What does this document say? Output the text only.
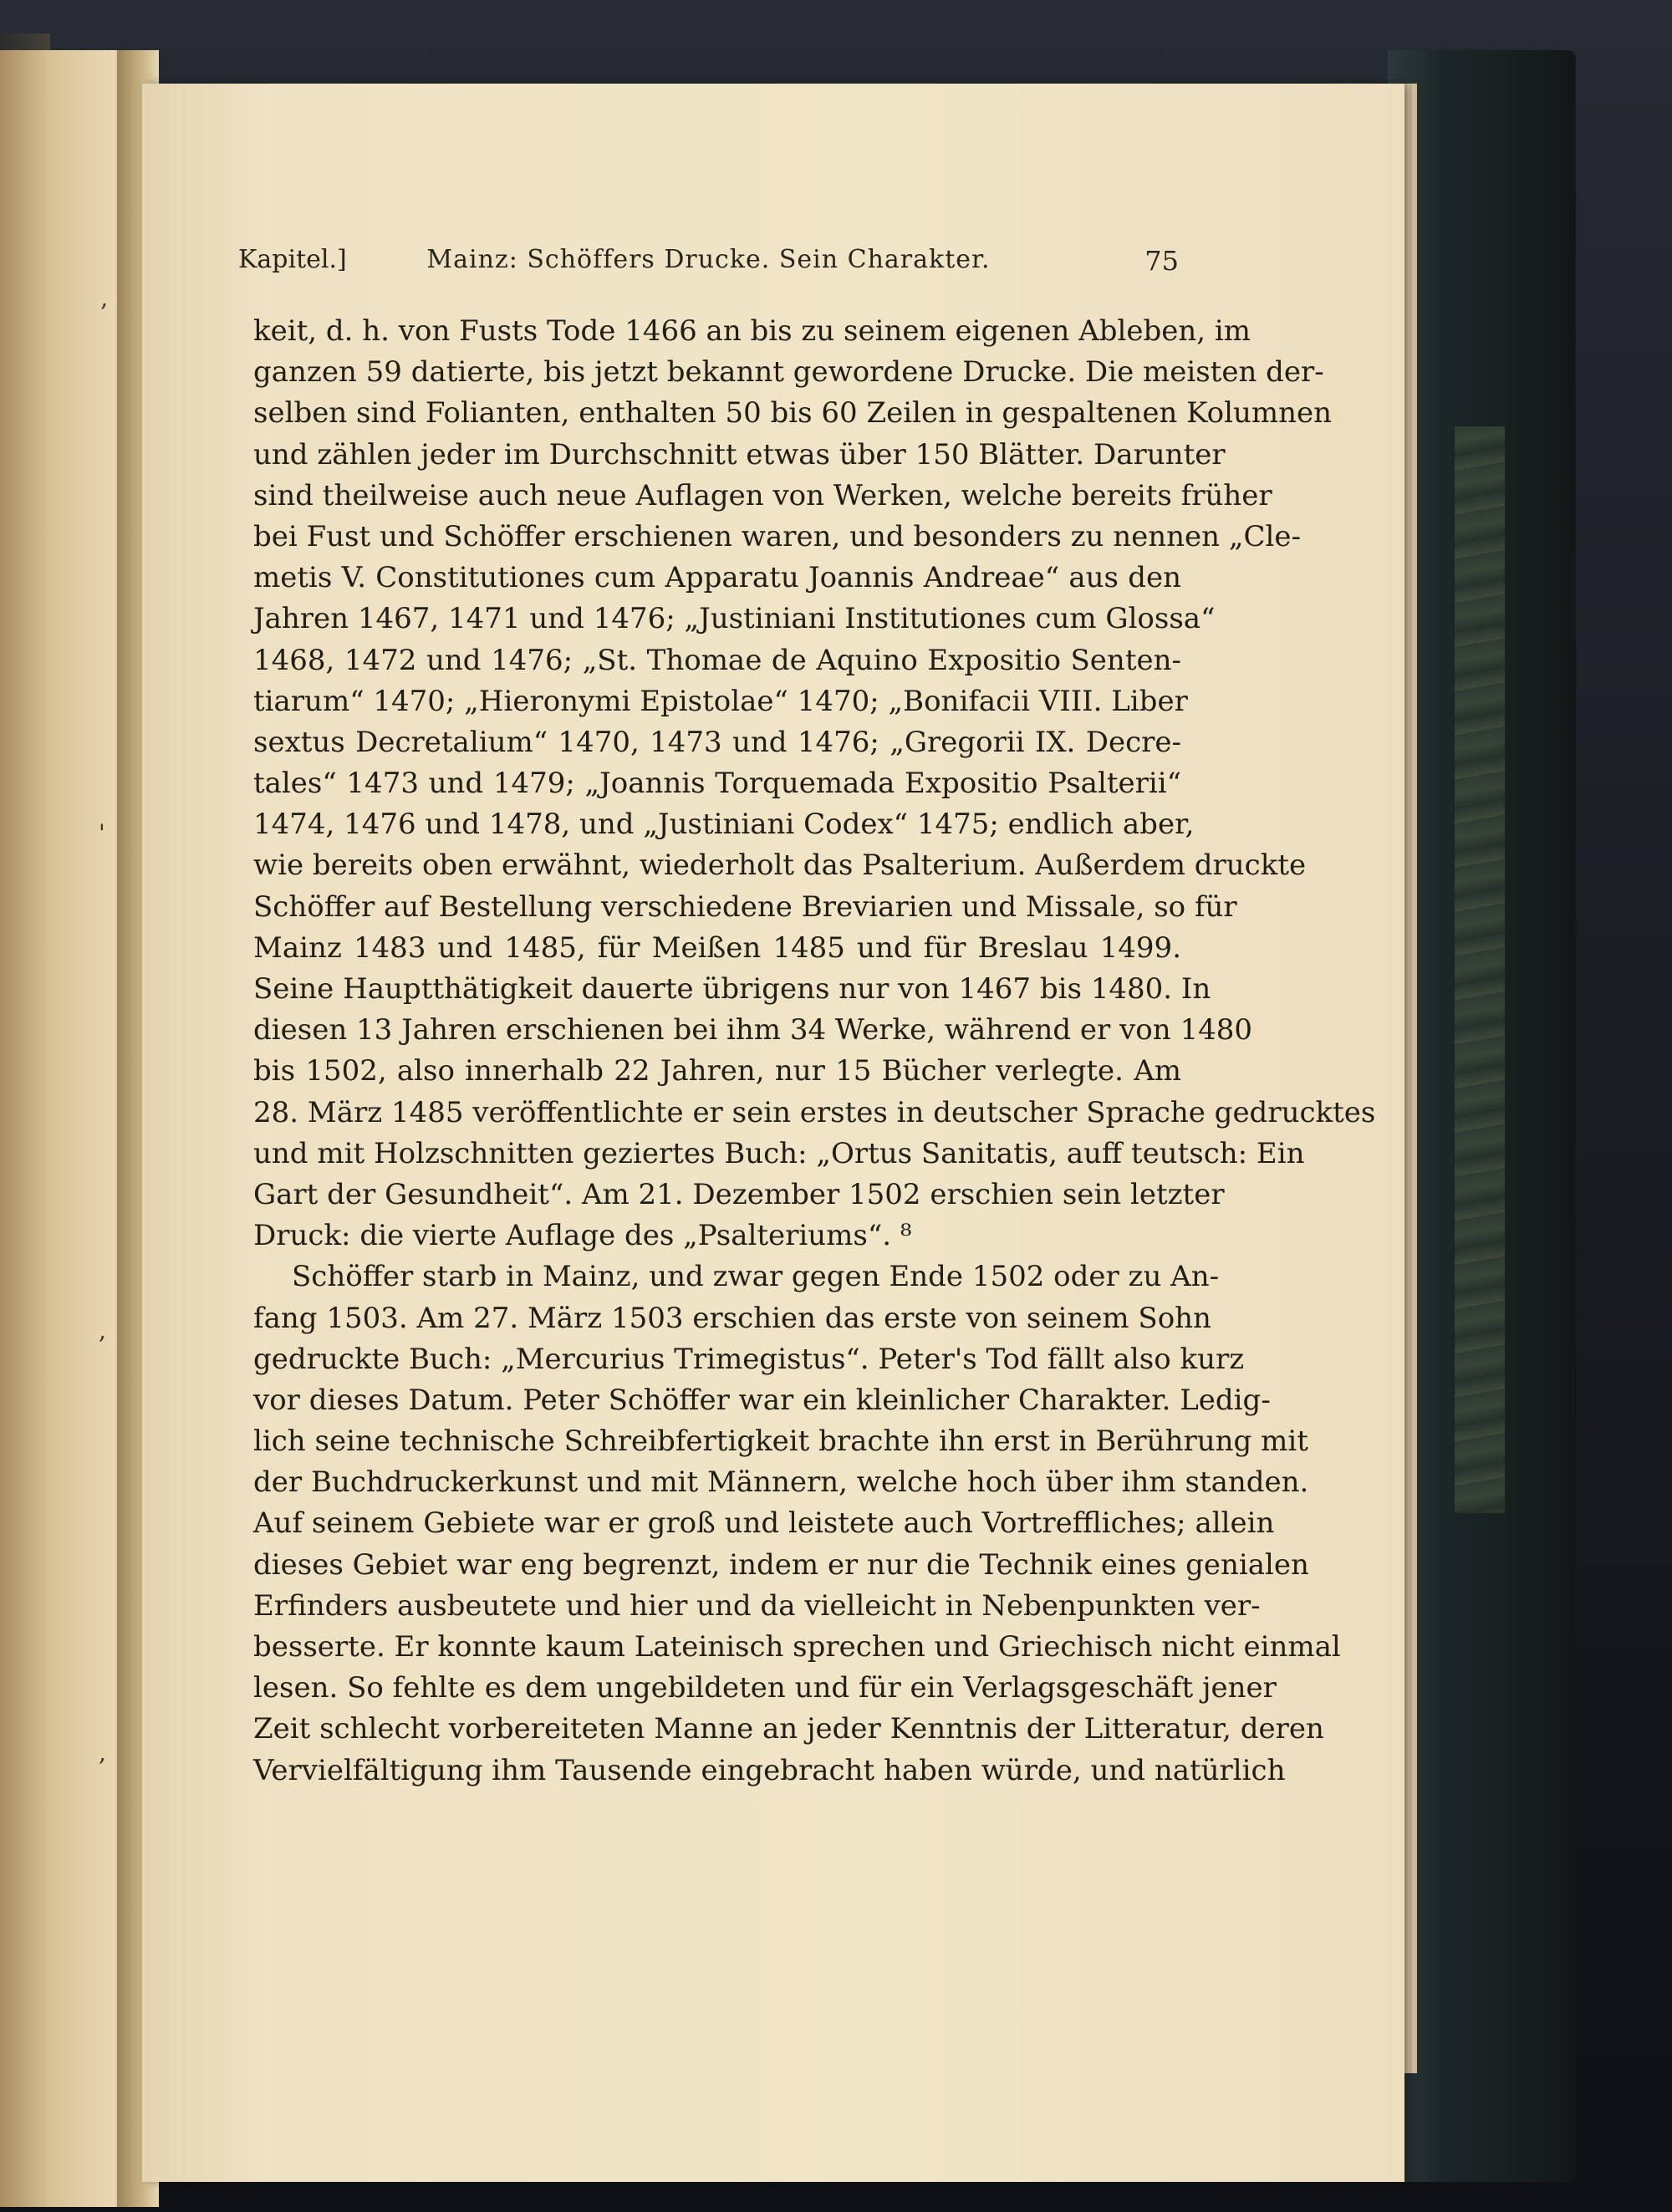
‚
'
,
,
Kapitel.]	Mainz: Schöffers Drucke. Sein Charakter.	75
keit, d. h. von Fusts Tode 1466 an bis zu seinem eigenen Ableben, im
ganzen 59 datierte, bis jetzt bekannt gewordene Drucke. Die meisten der-
selben sind Folianten, enthalten 50 bis 60 Zeilen in gespaltenen Kolumnen
und zählen jeder im Durchschnitt etwas über 150 Blätter. Darunter
sind theilweise auch neue Auflagen von Werken, welche bereits früher
bei Fust und Schöffer erschienen waren, und besonders zu nennen „Cle-
metis V. Constitutiones cum Apparatu Joannis Andreae“ aus den
Jahren 1467, 1471 und 1476; „Justiniani Institutiones cum Glossa“
1468, 1472 und 1476; „St. Thomae de Aquino Expositio Senten-
tiarum“ 1470; „Hieronymi Epistolae“ 1470; „Bonifacii VIII. Liber
sextus Decretalium“ 1470, 1473 und 1476; „Gregorii IX. Decre-
tales“ 1473 und 1479; „Joannis Torquemada Expositio Psalterii“
1474, 1476 und 1478, und „Justiniani Codex“ 1475; endlich aber,
wie bereits oben erwähnt, wiederholt das Psalterium. Außerdem druckte
Schöffer auf Bestellung verschiedene Breviarien und Missale, so für
Mainz 1483 und 1485, für Meißen 1485 und für Breslau 1499.
Seine Hauptthätigkeit dauerte übrigens nur von 1467 bis 1480. In
diesen 13 Jahren erschienen bei ihm 34 Werke, während er von 1480
bis 1502, also innerhalb 22 Jahren, nur 15 Bücher verlegte. Am
28. März 1485 veröffentlichte er sein erstes in deutscher Sprache gedrucktes
und mit Holzschnitten geziertes Buch: „Ortus Sanitatis, auff teutsch: Ein
Gart der Gesundheit“. Am 21. Dezember 1502 erschien sein letzter
Druck: die vierte Auflage des „Psalteriums“. ⁸
Schöffer starb in Mainz, und zwar gegen Ende 1502 oder zu An-
fang 1503. Am 27. März 1503 erschien das erste von seinem Sohn
gedruckte Buch: „Mercurius Trimegistus“. Peter's Tod fällt also kurz
vor dieses Datum. Peter Schöffer war ein kleinlicher Charakter. Ledig-
lich seine technische Schreibfertigkeit brachte ihn erst in Berührung mit
der Buchdruckerkunst und mit Männern, welche hoch über ihm standen.
Auf seinem Gebiete war er groß und leistete auch Vortreffliches; allein
dieses Gebiet war eng begrenzt, indem er nur die Technik eines genialen
Erfinders ausbeutete und hier und da vielleicht in Nebenpunkten ver-
besserte. Er konnte kaum Lateinisch sprechen und Griechisch nicht einmal
lesen. So fehlte es dem ungebildeten und für ein Verlagsgeschäft jener
Zeit schlecht vorbereiteten Manne an jeder Kenntnis der Litteratur, deren
Vervielfältigung ihm Tausende eingebracht haben würde, und natürlich
